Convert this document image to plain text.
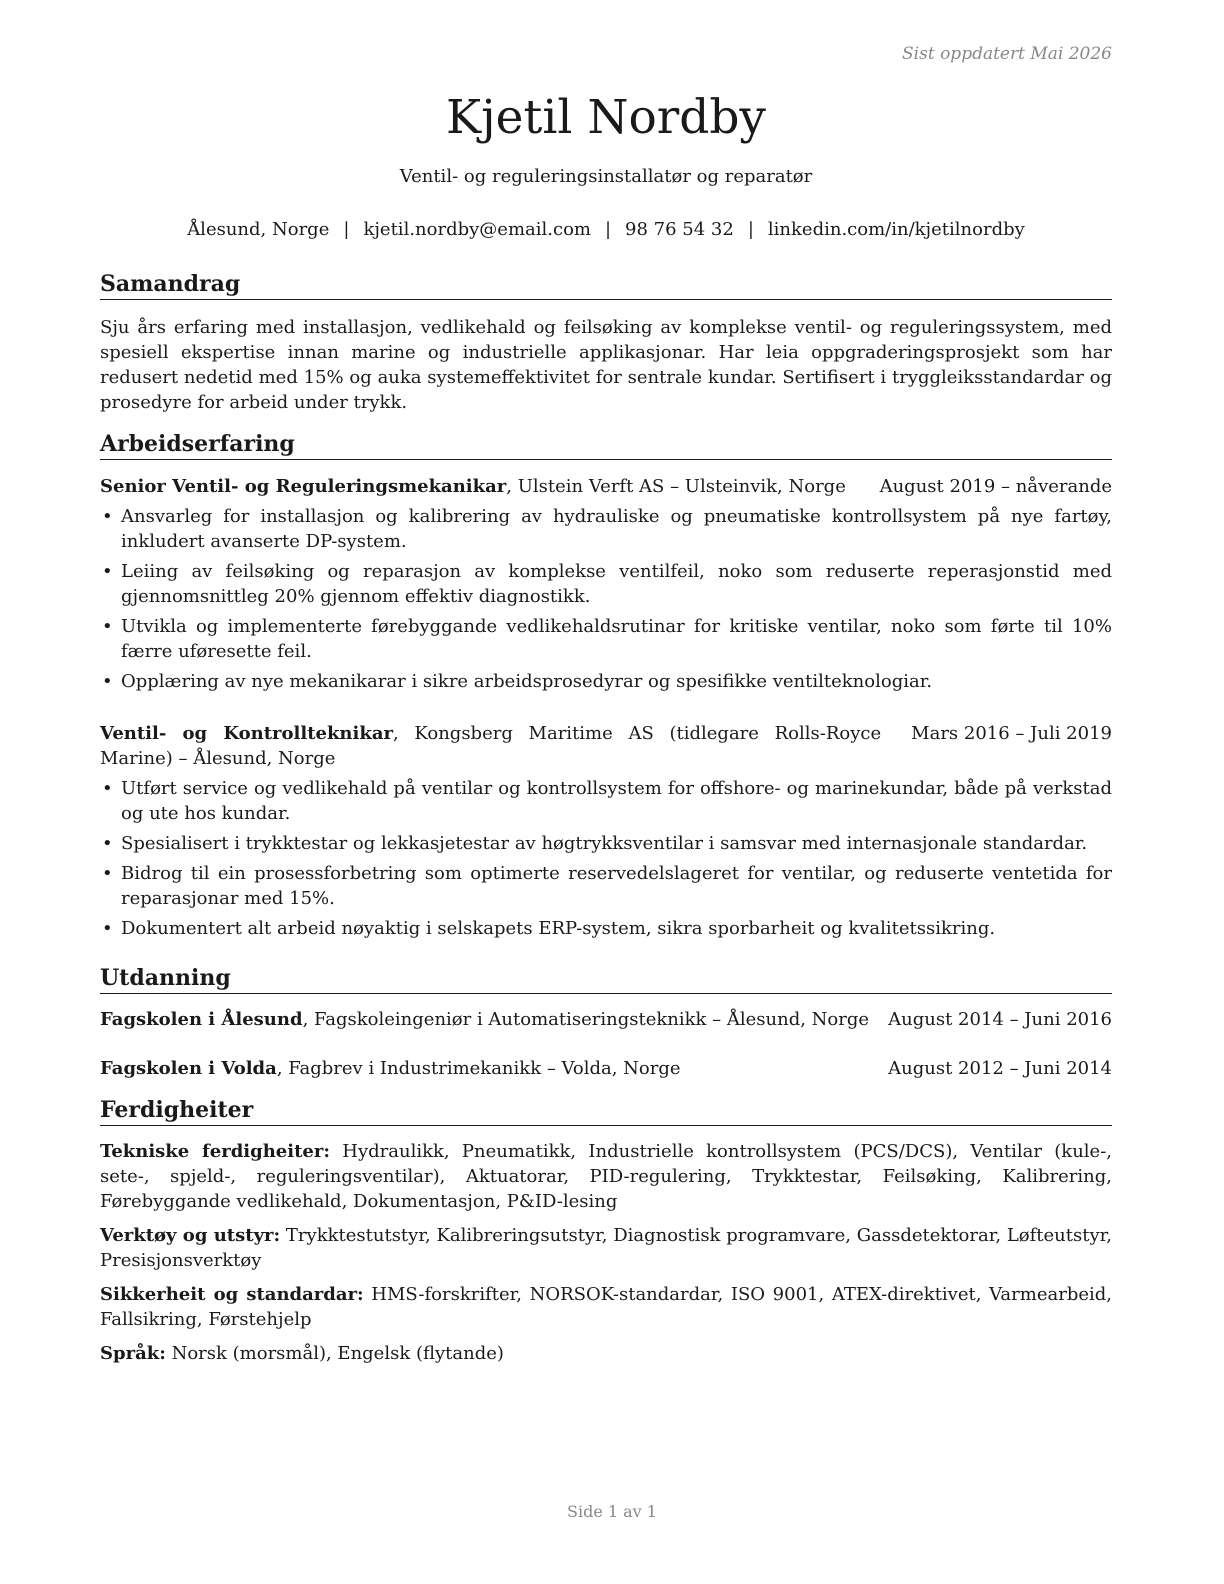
Sist oppdatert Mai 2026
Kjetil Nordby
Ventil- og reguleringsinstallatør og reparatør
Ålesund, Norge | kjetil.nordby@email.com | 98 76 54 32 | linkedin.com/in/kjetilnordby
Samandrag

Sju års erfaring med installasjon, vedlikehald og feilsøking av komplekse ventil- og reguleringssystem, med spesiell ekspertise innan marine og industrielle applikasjonar. Har leia oppgraderingsprosjekt som har redusert nedetid med 15% og auka systemeffektivitet for sentrale kundar. Sertifisert i tryggleiksstandardar og prosedyre for arbeid under trykk.

Arbeidserfaring
August 2019 – nåverande
Senior Ventil- og Reguleringsmekanikar, Ulstein Verft AS – Ulsteinvik, Norge
• Ansvarleg for installasjon og kalibrering av hydrauliske og pneumatiske kontrollsystem på nye fartøy, inkludert avanserte DP-system.
• Leiing av feilsøking og reparasjon av komplekse ventilfeil, noko som reduserte reperasjonstid med gjennomsnittleg 20% gjennom effektiv diagnostikk.
• Utvikla og implementerte førebyggande vedlikehaldsrutinar for kritiske ventilar, noko som førte til 10% færre uføresette feil.
• Opplæring av nye mekanikarar i sikre arbeidsprosedyrar og spesifikke ventilteknologiar.
Mars 2016 – Juli 2019
Ventil- og Kontrollteknikar, Kongsberg Maritime AS (tidlegare Rolls-Royce Marine) – Ålesund, Norge
• Utført service og vedlikehald på ventilar og kontrollsystem for offshore- og marinekundar, både på verkstad og ute hos kundar.
• Spesialisert i trykktestar og lekkasjetestar av høgtrykksventilar i samsvar med internasjonale standardar.
• Bidrog til ein prosessforbetring som optimerte reservedelslageret for ventilar, og reduserte ventetida for reparasjonar med 15%.
• Dokumentert alt arbeid nøyaktig i selskapets ERP-system, sikra sporbarheit og kvalitetssikring.
Utdanning
Fagskolen i Ålesund, Fagskoleingeniør i Automatiseringsteknikk – Ålesund, Norge August 2014 – Juni 2016
Fagskolen i Volda, Fagbrev i Industrimekanikk – Volda, Norge	August 2012 – Juni 2014
Ferdigheiter

Tekniske ferdigheiter: Hydraulikk, Pneumatikk, Industrielle kontrollsystem (PCS/DCS), Ventilar (kule-, sete-, spjeld-, reguleringsventilar), Aktuatorar, PID-regulering, Trykktestar, Feilsøking, Kalibrering, Førebyggande vedlikehald, Dokumentasjon, P&ID-lesing

Verktøy og utstyr: Trykktestutstyr, Kalibreringsutstyr, Diagnostisk programvare, Gassdetektorar, Løfteutstyr, Presisjonsverktøy

Sikkerheit og standardar: HMS-forskrifter, NORSOK-standardar, ISO 9001, ATEX-direktivet, Varmearbeid, Fallsikring, Førstehjelp

Språk: Norsk (morsmål), Engelsk (flytande)

Side 1 av 1
